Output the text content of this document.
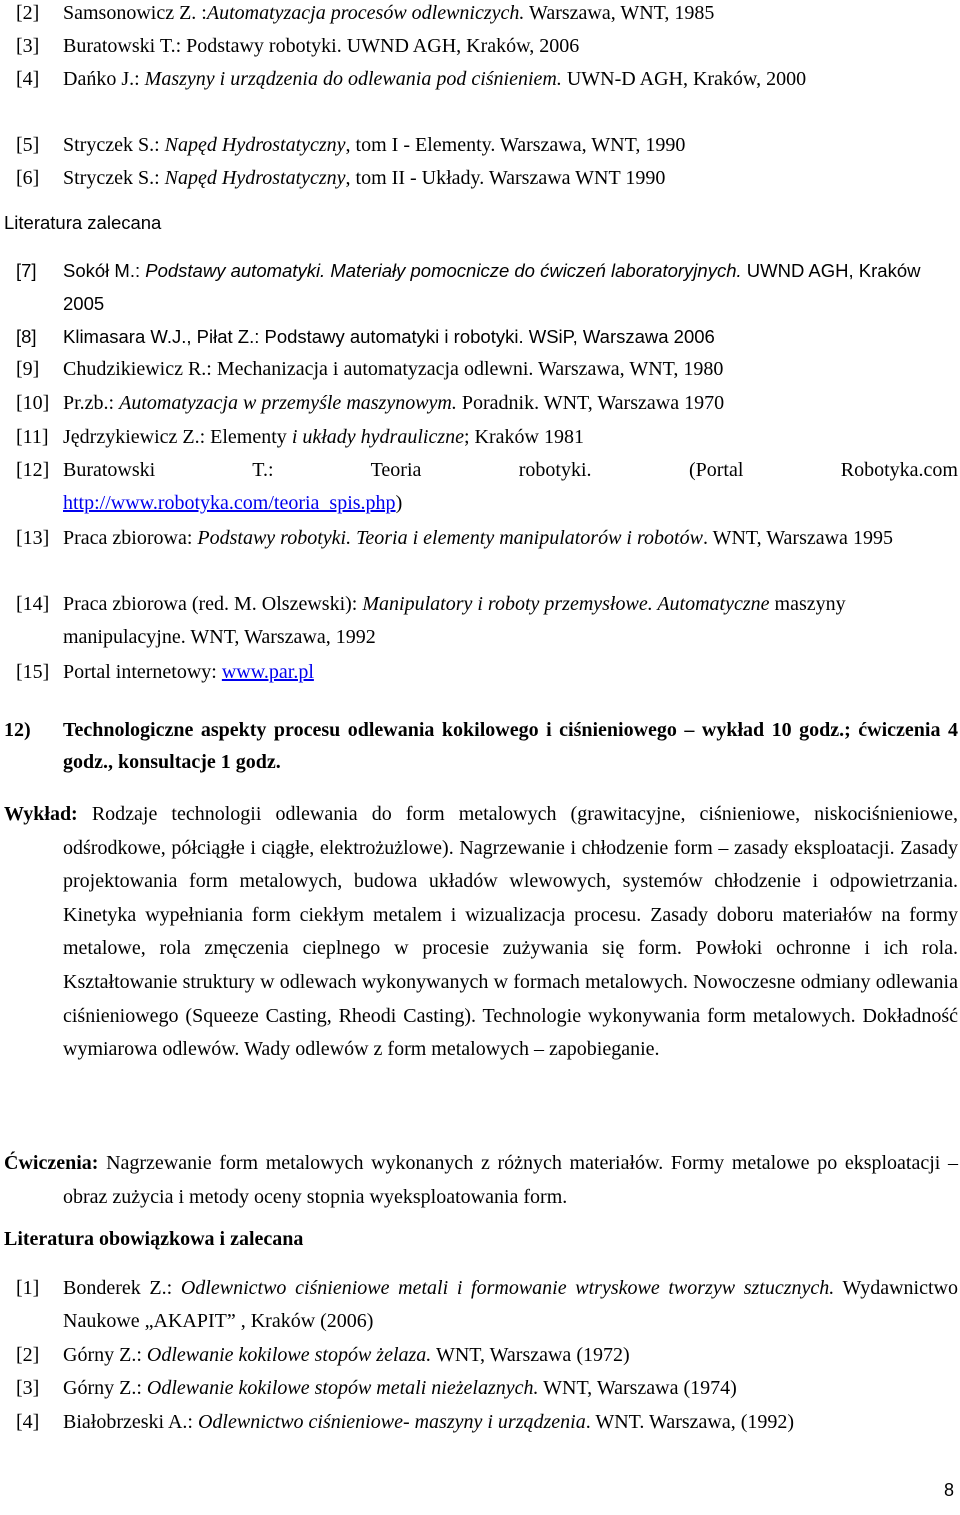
[2]	Samsonowicz Z. :Automatyzacja procesów odlewniczych. Warszawa, WNT, 1985
[3]	Buratowski T.: Podstawy robotyki. UWND AGH, Kraków, 2006
[4]	Dańko J.: Maszyny i urządzenia do odlewania pod ciśnieniem. UWN-D AGH, Kraków, 2000
[5]	Stryczek S.: Napęd Hydrostatyczny, tom I - Elementy. Warszawa, WNT, 1990
[6]	Stryczek S.: Napęd Hydrostatyczny, tom II - Układy. Warszawa WNT 1990
Literatura zalecana
[7]	Sokół M.: Podstawy automatyki. Materiały pomocnicze do ćwiczeń laboratoryjnych. UWND AGH, Kraków 2005
[8]	Klimasara W.J., Piłat Z.: Podstawy automatyki i robotyki. WSiP, Warszawa 2006
[9]	Chudzikiewicz R.: Mechanizacja i automatyzacja odlewni. Warszawa, WNT, 1980
[10] Pr.zb.: Automatyzacja w przemyśle maszynowym. Poradnik. WNT, Warszawa 1970
[11] Jędrzykiewicz Z.: Elementy i układy hydrauliczne; Kraków 1981
[12] Buratowski T.: Teoria robotyki. (Portal Robotyka.com
http://www.robotyka.com/teoria_spis.php)
[13] Praca zbiorowa: Podstawy robotyki. Teoria i elementy manipulatorów i robotów. WNT, Warszawa 1995
[14] Praca zbiorowa (red. M. Olszewski): Manipulatory i roboty przemysłowe. Automatyczne maszyny manipulacyjne. WNT, Warszawa, 1992
[15] Portal internetowy: www.par.pl
12)	Technologiczne aspekty procesu odlewania kokilowego i ciśnieniowego – wykład 10 godz.; ćwiczenia 4 godz., konsultacje 1 godz.
Wykład: Rodzaje technologii odlewania do form metalowych (grawitacyjne, ciśnieniowe, niskociśnieniowe, odśrodkowe, półciągłe i ciągłe, elektrożużlowe). Nagrzewanie i chłodzenie form – zasady eksploatacji. Zasady projektowania form metalowych, budowa układów wlewowych, systemów chłodzenie i odpowietrzania. Kinetyka wypełniania form ciekłym metalem i wizualizacja procesu. Zasady doboru materiałów na formy metalowe, rola zmęczenia cieplnego w procesie zużywania się form. Powłoki ochronne i ich rola. Kształtowanie struktury w odlewach wykonywanych w formach metalowych. Nowoczesne odmiany odlewania ciśnieniowego (Squeeze Casting, Rheodi Casting). Technologie wykonywania form metalowych. Dokładność wymiarowa odlewów. Wady odlewów z form metalowych – zapobieganie.
Ćwiczenia: Nagrzewanie form metalowych wykonanych z różnych materiałów. Formy metalowe po eksploatacji – obraz zużycia i metody oceny stopnia wyeksploatowania form.
Literatura obowiązkowa i zalecana
[1]	Bonderek Z.: Odlewnictwo ciśnieniowe metali i formowanie wtryskowe tworzyw sztucznych. Wydawnictwo Naukowe „AKAPIT” , Kraków (2006)
[2]	Górny Z.: Odlewanie kokilowe stopów żelaza. WNT, Warszawa (1972)
[3]	Górny Z.: Odlewanie kokilowe stopów metali nieżelaznych. WNT, Warszawa (1974)
[4]	Białobrzeski A.: Odlewnictwo ciśnieniowe- maszyny i urządzenia. WNT. Warszawa, (1992)
8
